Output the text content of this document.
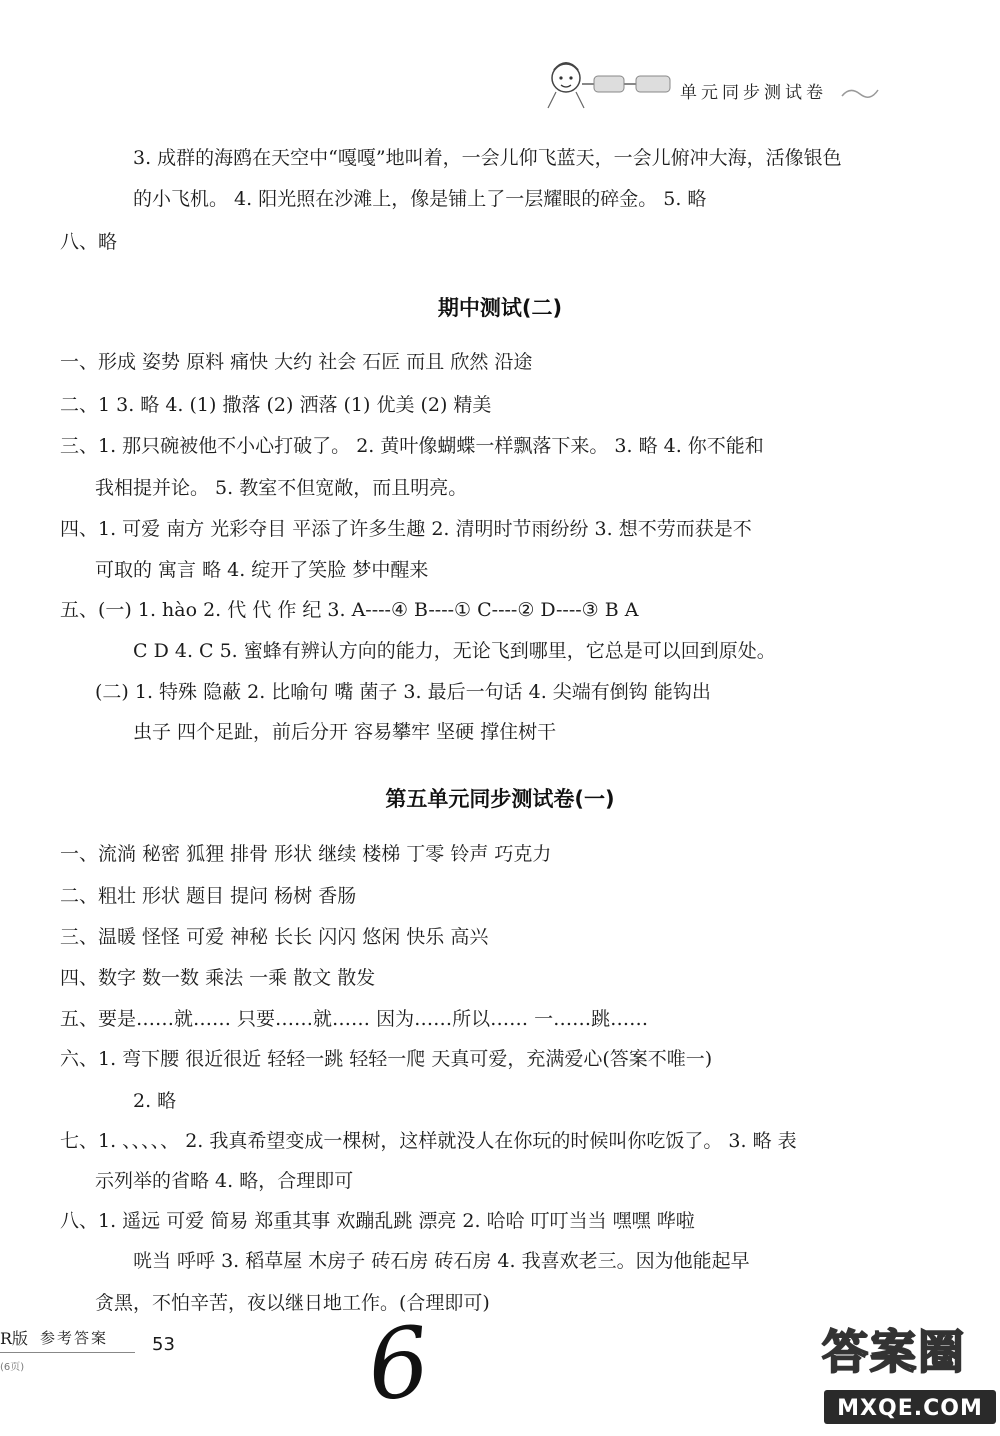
单元同步测试卷
3. 成群的海鸥在天空中“嘎嘎”地叫着，一会儿仰飞蓝天，一会儿俯冲大海，活像银色
的小飞机。 4. 阳光照在沙滩上，像是铺上了一层耀眼的碎金。 5. 略
八、略
期中测试(二)
一、形成 姿势 原料 痛快 大约 社会 石匠 而且 欣然 沿途
二、1 3. 略 4. (1) 撒落 (2) 洒落 (1) 优美 (2) 精美
三、1. 那只碗被他不小心打破了。 2. 黄叶像蝴蝶一样飘落下来。 3. 略 4. 你不能和
我相提并论。 5. 教室不但宽敞，而且明亮。
四、1. 可爱 南方 光彩夺目 平添了许多生趣 2. 清明时节雨纷纷 3. 想不劳而获是不
可取的 寓言 略 4. 绽开了笑脸 梦中醒来
五、(一) 1. hào 2. 代 代 作 纪 3. A----④ B----① C----② D----③ B A
C D 4. C 5. 蜜蜂有辨认方向的能力，无论飞到哪里，它总是可以回到原处。
(二) 1. 特殊 隐蔽 2. 比喻句 嘴 菌子 3. 最后一句话 4. 尖端有倒钩 能钩出
虫子 四个足趾，前后分开 容易攀牢 坚硬 撑住树干
第五单元同步测试卷(一)
一、流淌 秘密 狐狸 排骨 形状 继续 楼梯 丁零 铃声 巧克力
二、粗壮 形状 题目 提问 杨树 香肠
三、温暖 怪怪 可爱 神秘 长长 闪闪 悠闲 快乐 高兴
四、数字 数一数 乘法 一乘 散文 散发
五、要是……就…… 只要……就…… 因为……所以…… 一……跳……
六、1. 弯下腰 很近很近 轻轻一跳 轻轻一爬 天真可爱，充满爱心(答案不唯一)
2. 略
七、1. 、、、、、 2. 我真希望变成一棵树，这样就没人在你玩的时候叫你吃饭了。 3. 略 表
示列举的省略 4. 略，合理即可
八、1. 遥远 可爱 简易 郑重其事 欢蹦乱跳 漂亮 2. 哈哈 叮叮当当 嘿嘿 哗啦
咣当 呼呼 3. 稻草屋 木房子 砖石房 砖石房 4. 我喜欢老三。因为他能起早
贪黑，不怕辛苦，夜以继日地工作。(合理即可)
R版 参考答案
(6页)
53 6	答案圈
MXQE.COM
